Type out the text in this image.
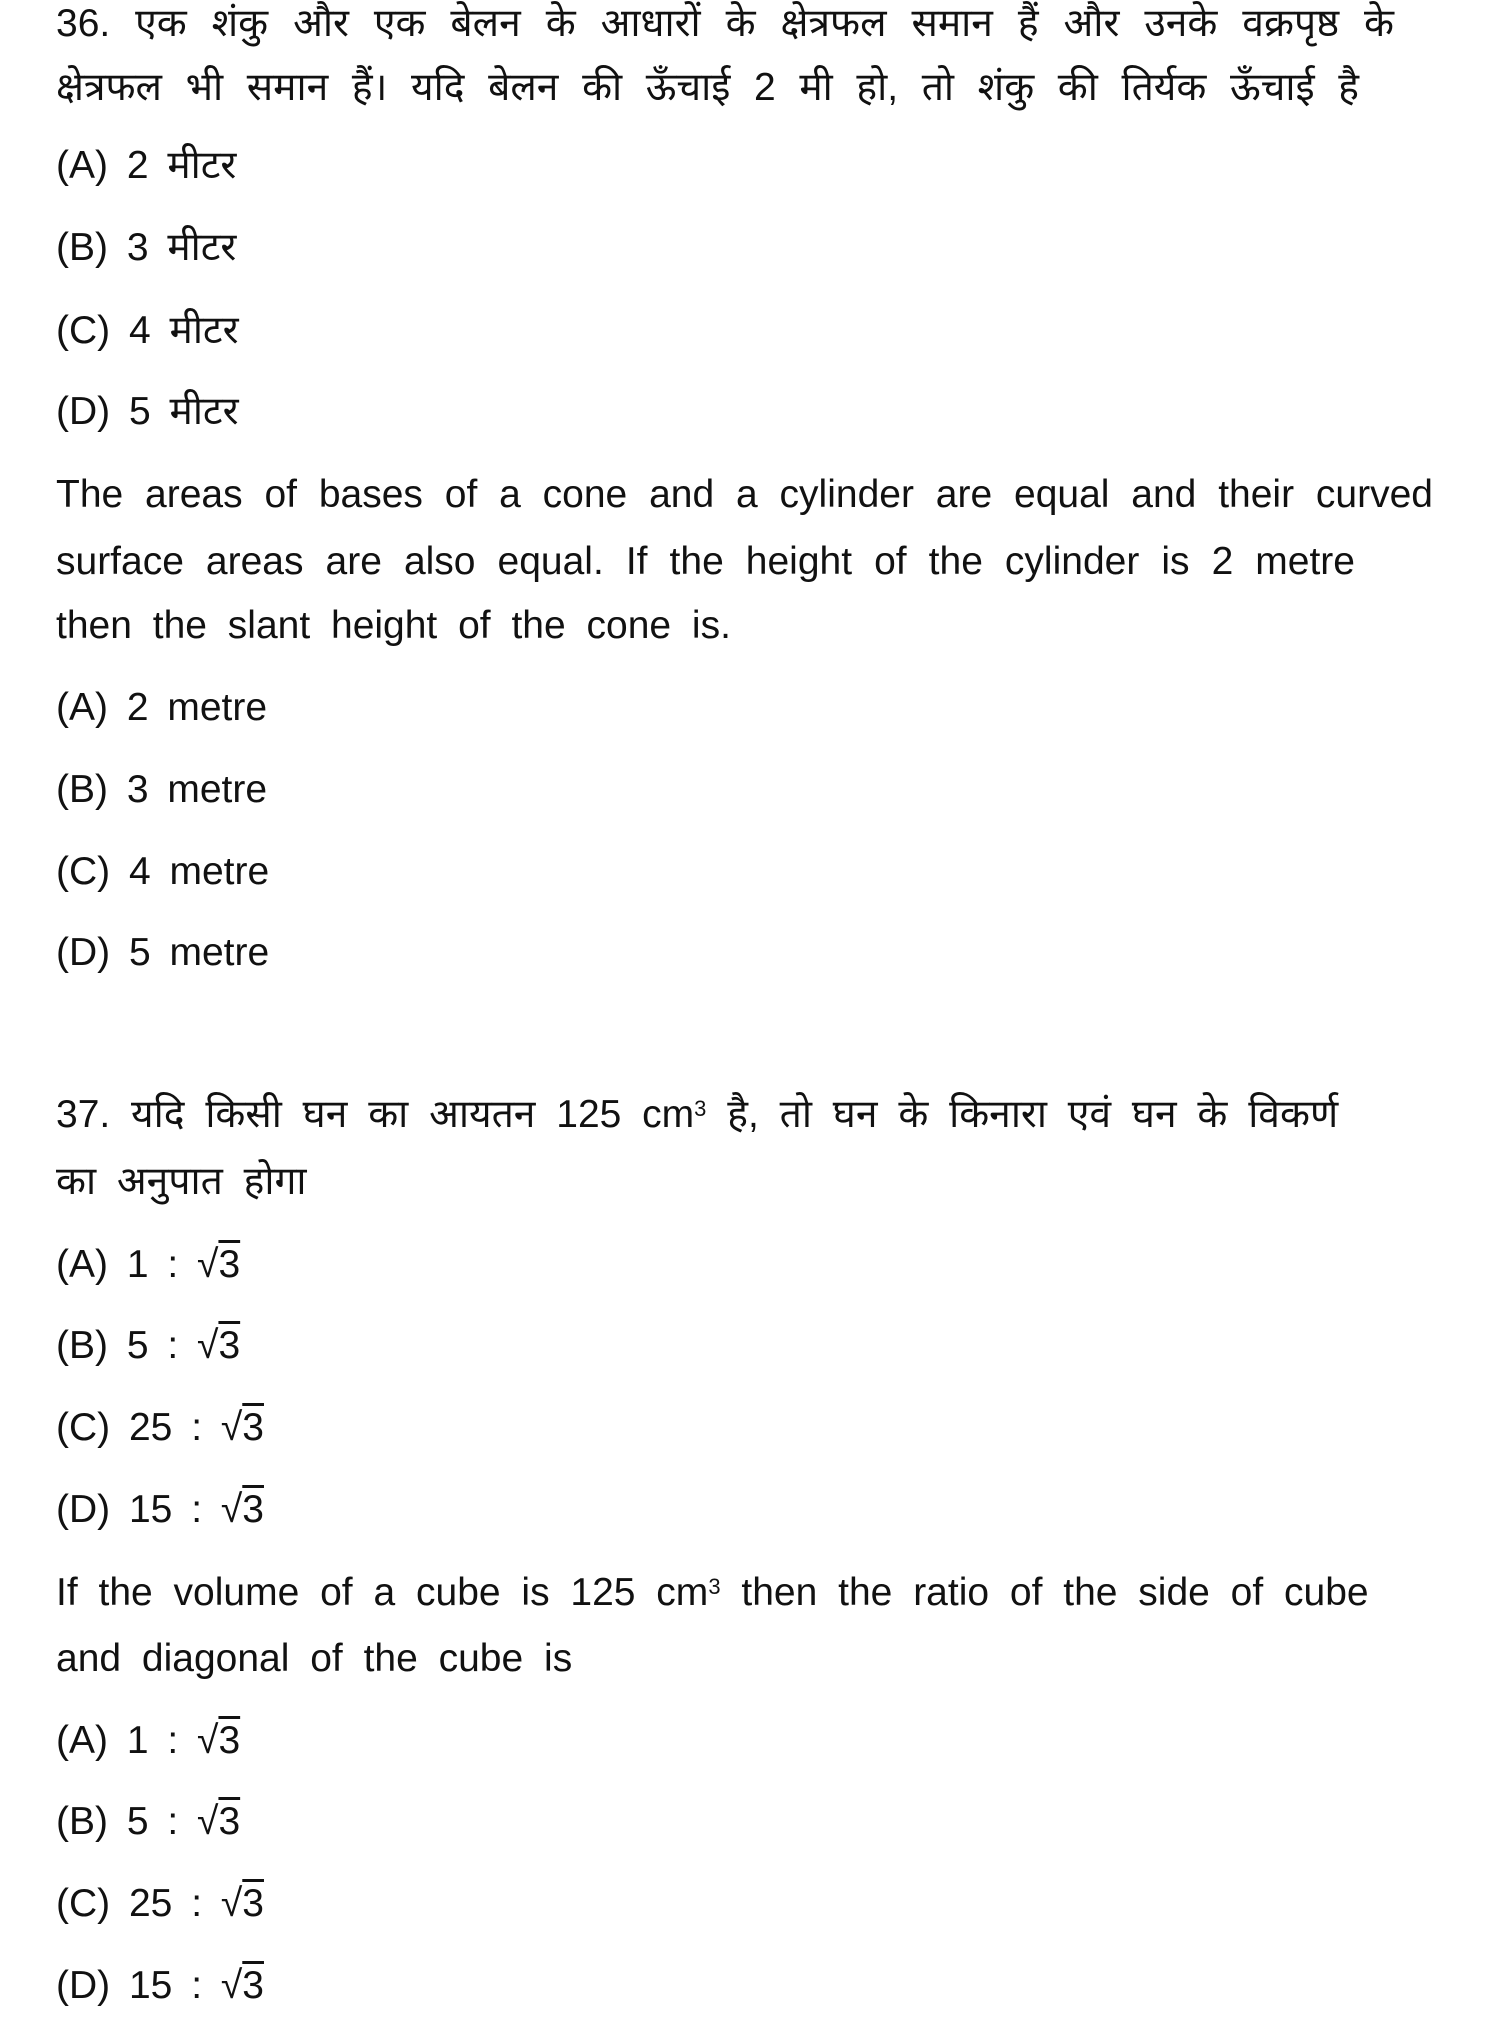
36. एक शंकु और एक बेलन के आधारों के क्षेत्रफल समान हैं और उनके वक्रपृष्ठ के
क्षेत्रफल भी समान हैं। यदि बेलन की ऊँचाई 2 मी हो, तो शंकु की तिर्यक ऊँचाई है
(A) 2 मीटर
(B) 3 मीटर
(C) 4 मीटर
(D) 5 मीटर
The areas of bases of a cone and a cylinder are equal and their curved
surface areas are also equal. If the height of the cylinder is 2 metre
then the slant height of the cone is.
(A) 2 metre
(B) 3 metre
(C) 4 metre
(D) 5 metre
37. यदि किसी घन का आयतन 125 $cm^3$ है, तो घन के किनारा एवं घन के विकर्ण
का अनुपात होगा
(A) 1 : √3
(B) 5 : √3
(C) 25 : √3
(D) 15 : √3
If the volume of a cube is 125 $cm^3$ then the ratio of the side of cube
and diagonal of the cube is
(A) 1 : √3
(B) 5 : √3
(C) 25 : √3
(D) 15 : √3
